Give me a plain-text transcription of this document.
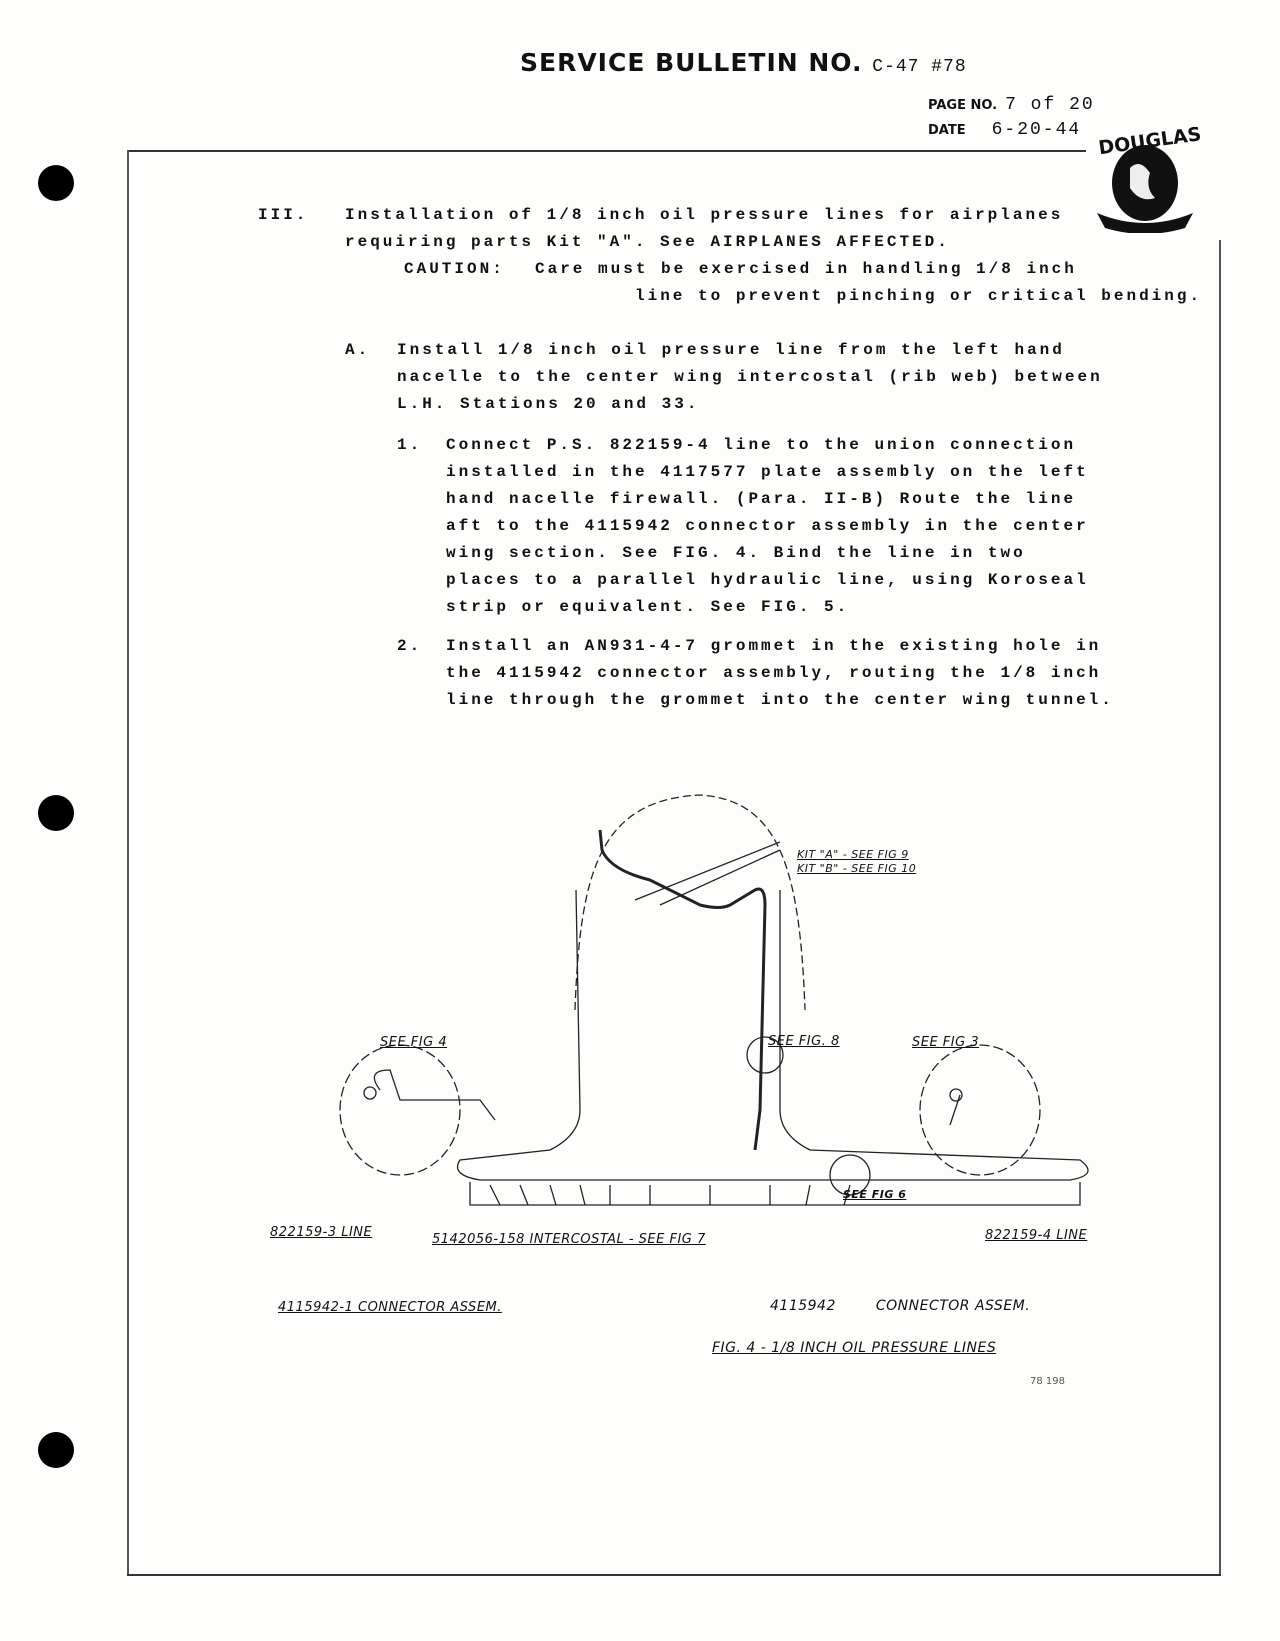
SERVICE BULLETIN NO. C-47 #78
PAGE NO. 7 of 20
DATE 6-20-44 DOUGLAS
III. Installation of 1/8 inch oil pressure lines for airplanes
requiring parts Kit "A". See AIRPLANES AFFECTED.
CAUTION: Care must be exercised in handling 1/8 inch
line to prevent pinching or critical bending.
A. Install 1/8 inch oil pressure line from the left hand
nacelle to the center wing intercostal (rib web) between
L.H. Stations 20 and 33.
1. Connect P.S. 822159-4 line to the union connection
installed in the 4117577 plate assembly on the left
hand nacelle firewall. (Para. II-B) Route the line
aft to the 4115942 connector assembly in the center
wing section. See FIG. 4. Bind the line in two
places to a parallel hydraulic line, using Koroseal
strip or equivalent. See FIG. 5.
2. Install an AN931-4-7 grommet in the existing hole in
the 4115942 connector assembly, routing the 1/8 inch
line through the grommet into the center wing tunnel.
KIT "A" - SEE FIG 9
KIT "B" - SEE FIG 10
SEE FIG. 8
SEE FIG 4	SEE FIG 3
SEE FIG 6
822159-3 LINE	822159-4 LINE
5142056-158 INTERCOSTAL - SEE FIG 7
4115942-1 CONNECTOR ASSEM.	4115942	CONNECTOR ASSEM.
FIG. 4 - 1/8 INCH OIL PRESSURE LINES
78 198
